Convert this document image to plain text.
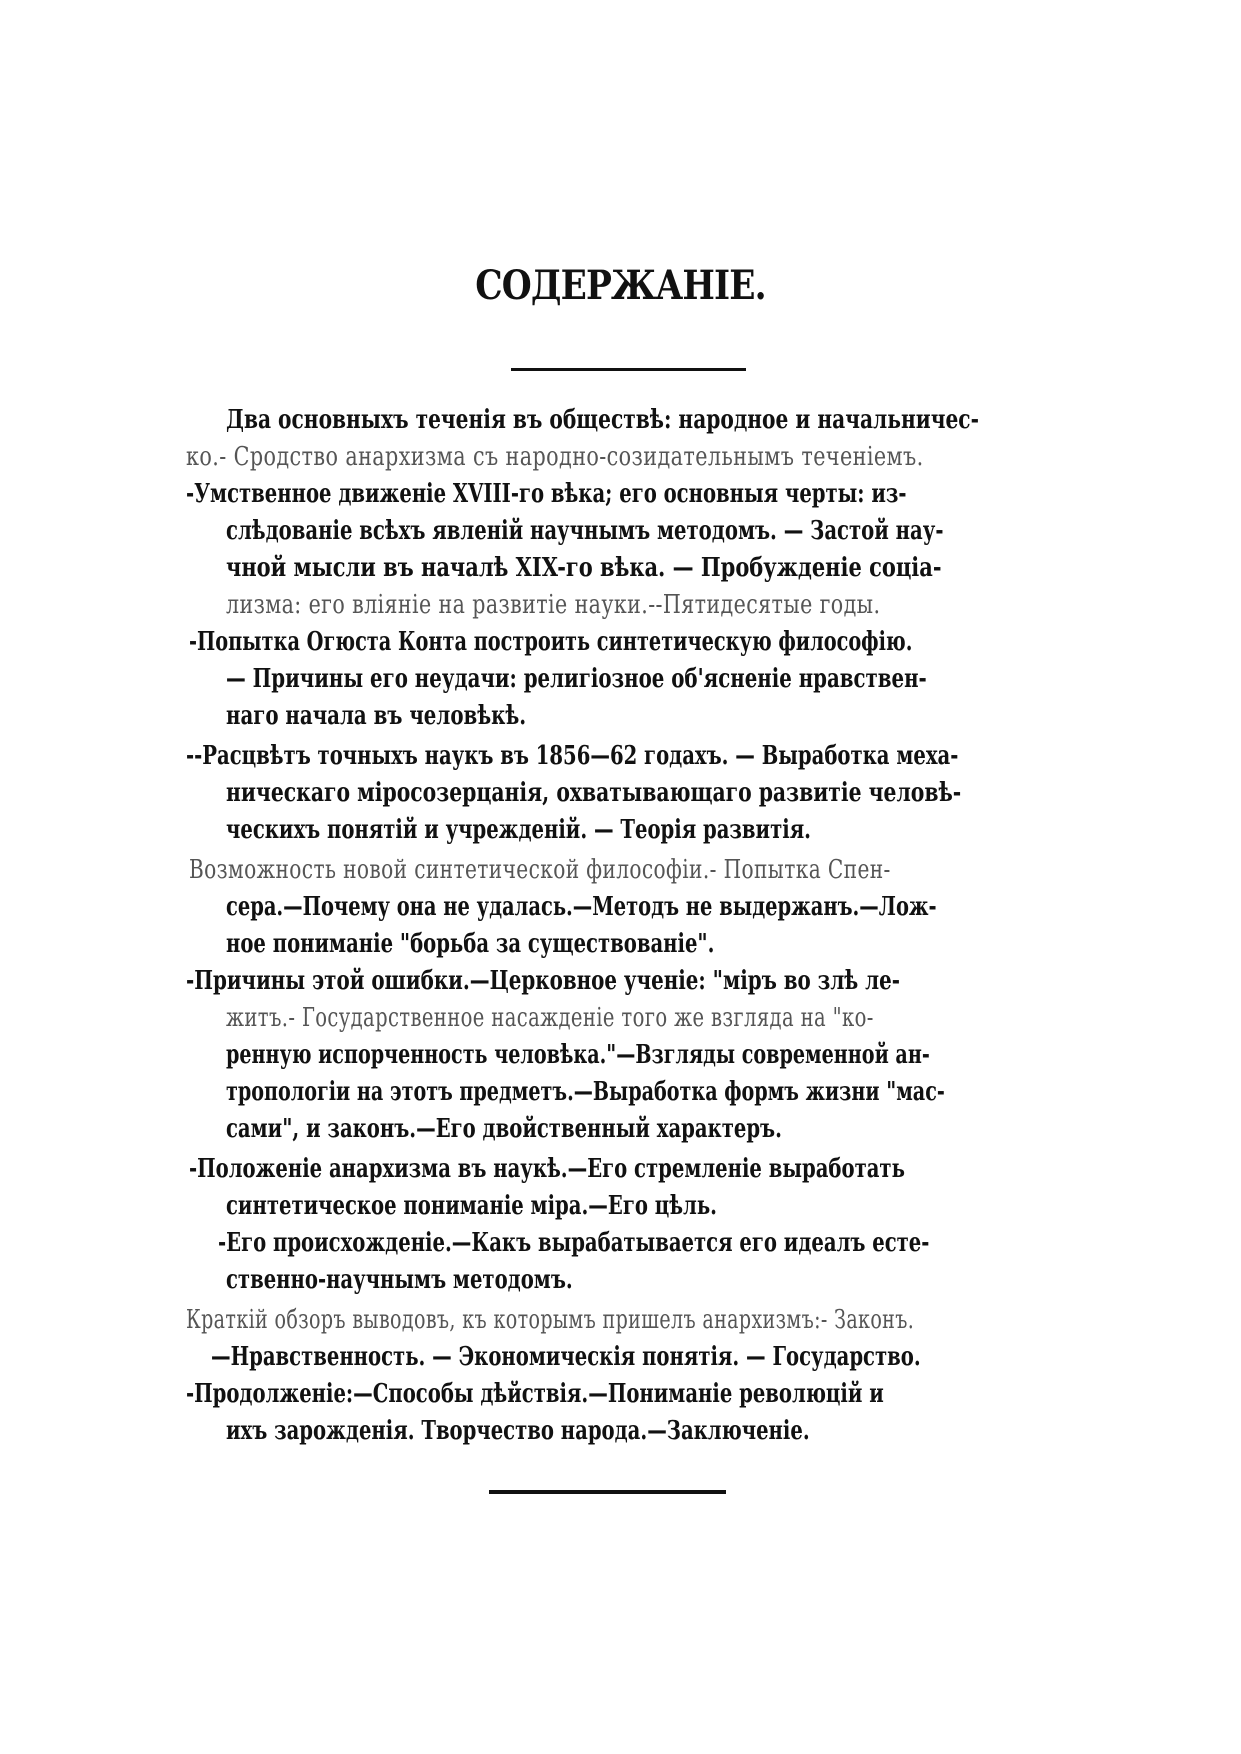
СОДЕРЖАНІЕ.
Два основныхъ теченія въ обществѣ: народное и начальничес-
ко.- Сродство анархизма съ народно-созидательнымъ теченіемъ.
-Умственное движеніе XVIII-го вѣка; его основныя черты: из-
слѣдованіе всѣхъ явленій научнымъ методомъ. — Застой нау-
чной мысли въ началѣ XIX-го вѣка. — Пробужденіе соціа-
лизма: его вліяніе на развитіе науки.--Пятидесятые годы.
-Попытка Огюста Конта построить синтетическую философію.
— Причины его неудачи: религіозное об'ясненіе нравствен-
наго начала въ человѣкѣ.
--Расцвѣтъ точныхъ наукъ въ 1856—62 годахъ. — Выработка меха-
ническаго міросозерцанія, охватывающаго развитіе человѣ-
ческихъ понятій и учрежденій. — Теорія развитія.
Возможность новой синтетической философіи.- Попытка Спен-
сера.—Почему она не удалась.—Методъ не выдержанъ.—Лож-
ное пониманіе "борьба за существованіе".
-Причины этой ошибки.—Церковное ученіе: "міръ во злѣ ле-
житъ.- Государственное насажденіе того же взгляда на "ко-
ренную испорченность человѣка."—Взгляды современной ан-
тропологіи на этотъ предметъ.—Выработка формъ жизни "мас-
сами", и законъ.—Его двойственный характеръ.
-Положеніе анархизма въ наукѣ.—Его стремленіе выработать
синтетическое пониманіе міра.—Его цѣль.
-Его происхожденіе.—Какъ вырабатывается его идеалъ есте-
ственно-научнымъ методомъ.
Краткій обзоръ выводовъ, къ которымъ пришелъ анархизмъ:- Законъ.
—Нравственность. — Экономическія понятія. — Государство.
-Продолженіе:—Способы дѣйствія.—Пониманіе революцій и
ихъ зарожденія. Творчество народа.—Заключеніе.
